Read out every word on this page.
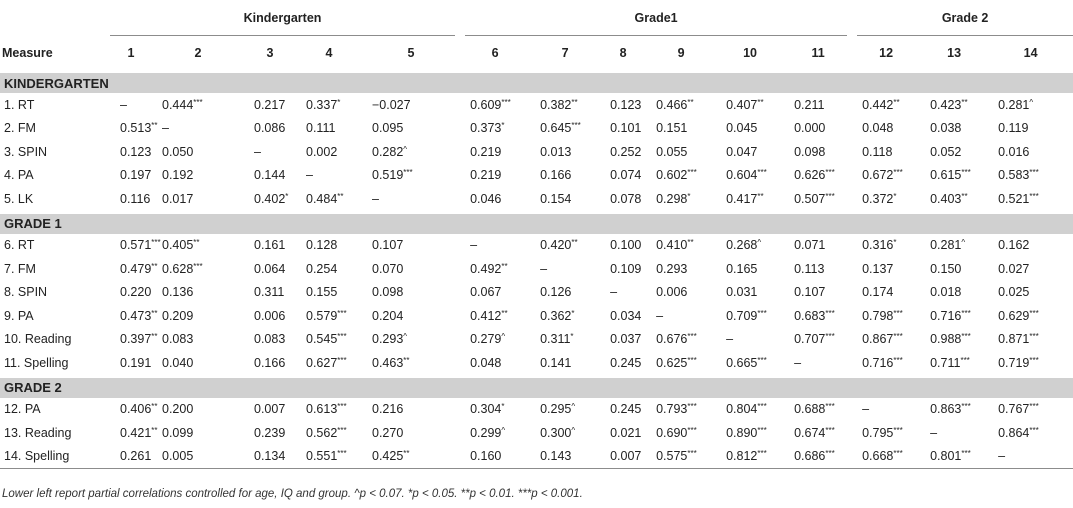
	Kindergarten					Grade1						Grade 2		
Measure	1	2	3	4	5	6	7	8	9	10	11	12	13	14
KINDERGARTEN														
1. RT	–	0.444***	0.217	0.337*	−0.027	0.609***	0.382**	0.123	0.466**	0.407**	0.211	0.442**	0.423**	0.281^
2. FM	0.513**	–	0.086	0.111	0.095	0.373*	0.645***	0.101	0.151	0.045	0.000	0.048	0.038	0.119
3. SPIN	0.123	0.050	–	0.002	0.282^	0.219	0.013	0.252	0.055	0.047	0.098	0.118	0.052	0.016
4. PA	0.197	0.192	0.144	–	0.519***	0.219	0.166	0.074	0.602***	0.604***	0.626***	0.672***	0.615***	0.583***
5. LK	0.116	0.017	0.402*	0.484**	–	0.046	0.154	0.078	0.298*	0.417**	0.507***	0.372*	0.403**	0.521***
GRADE 1														
6. RT	0.571***	0.405**	0.161	0.128	0.107	–	0.420**	0.100	0.410**	0.268^	0.071	0.316*	0.281^	0.162
7. FM	0.479**	0.628***	0.064	0.254	0.070	0.492**	–	0.109	0.293	0.165	0.113	0.137	0.150	0.027
8. SPIN	0.220	0.136	0.311	0.155	0.098	0.067	0.126	–	0.006	0.031	0.107	0.174	0.018	0.025
9. PA	0.473**	0.209	0.006	0.579***	0.204	0.412**	0.362*	0.034	–	0.709***	0.683***	0.798***	0.716***	0.629***
10. Reading	0.397**	0.083	0.083	0.545***	0.293^	0.279^	0.311*	0.037	0.676***	–	0.707***	0.867***	0.988***	0.871***
11. Spelling	0.191	0.040	0.166	0.627***	0.463**	0.048	0.141	0.245	0.625***	0.665***	–	0.716***	0.711***	0.719***
GRADE 2														
12. PA	0.406**	0.200	0.007	0.613***	0.216	0.304*	0.295^	0.245	0.793***	0.804***	0.688***	–	0.863***	0.767***
13. Reading	0.421**	0.099	0.239	0.562***	0.270	0.299^	0.300^	0.021	0.690***	0.890***	0.674***	0.795***	–	0.864***
14. Spelling	0.261	0.005	0.134	0.551***	0.425**	0.160	0.143	0.007	0.575***	0.812***	0.686***	0.668***	0.801***	–
Lower left report partial correlations controlled for age, IQ and group. ^p < 0.07. *p < 0.05. **p < 0.01. ***p < 0.001.
